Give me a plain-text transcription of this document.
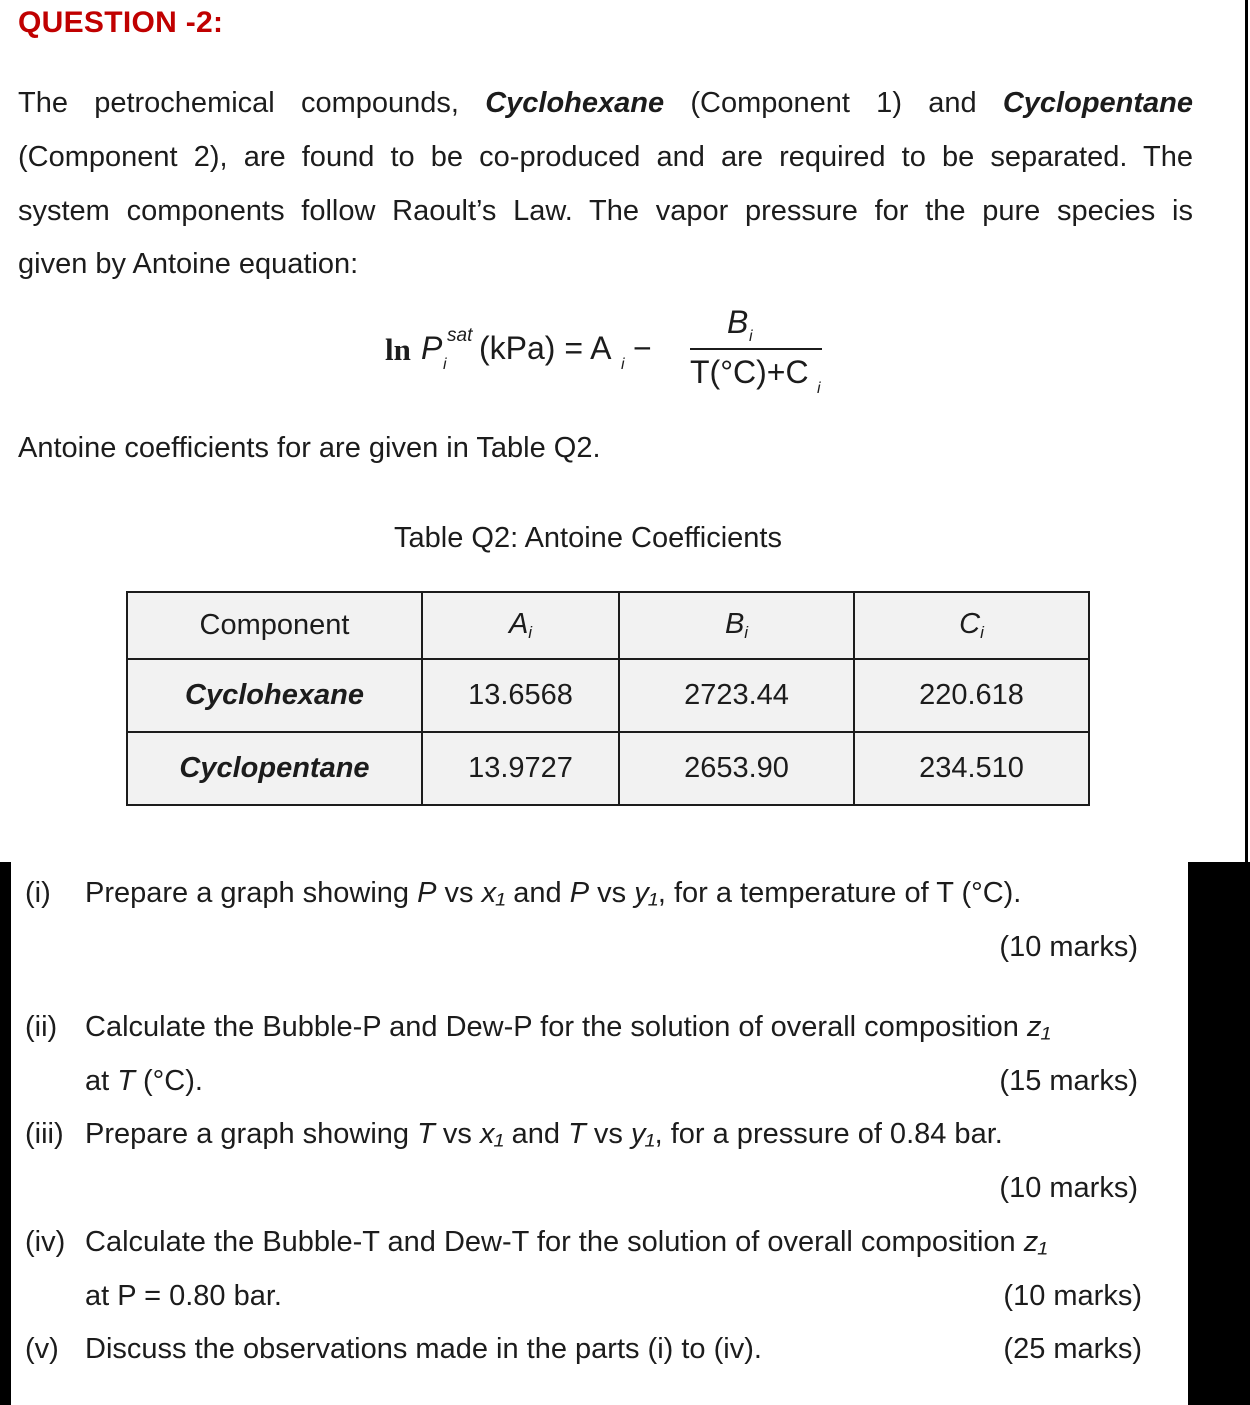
QUESTION -2:
The petrochemical compounds, Cyclohexane (Component 1) and Cyclopentane
(Component 2), are found to be co-produced and are required to be separated. The
system components follow Raoult’s Law. The vapor pressure for the pure species is
given by Antoine equation:
ln P sat
i (kPa) = A i −
B i
T(°C)+C i
Antoine coefficients for are given in Table Q2.
Table Q2: Antoine Coefficients
Component	Ai	Bi	Ci
Cyclohexane	13.6568	2723.44	220.618
Cyclopentane	13.9727	2653.90	234.510
(i) Prepare a graph showing P vs x₁ and P vs y₁, for a temperature of T (°C).
(10 marks)
(ii) Calculate the Bubble-P and Dew-P for the solution of overall composition z₁
at T (°C).	(15 marks)
(iii) Prepare a graph showing T vs x₁ and T vs y₁, for a pressure of 0.84 bar.
(10 marks)
(iv) Calculate the Bubble-T and Dew-T for the solution of overall composition z₁
at P = 0.80 bar.	(10 marks)
(v) Discuss the observations made in the parts (i) to (iv).	(25 marks)
